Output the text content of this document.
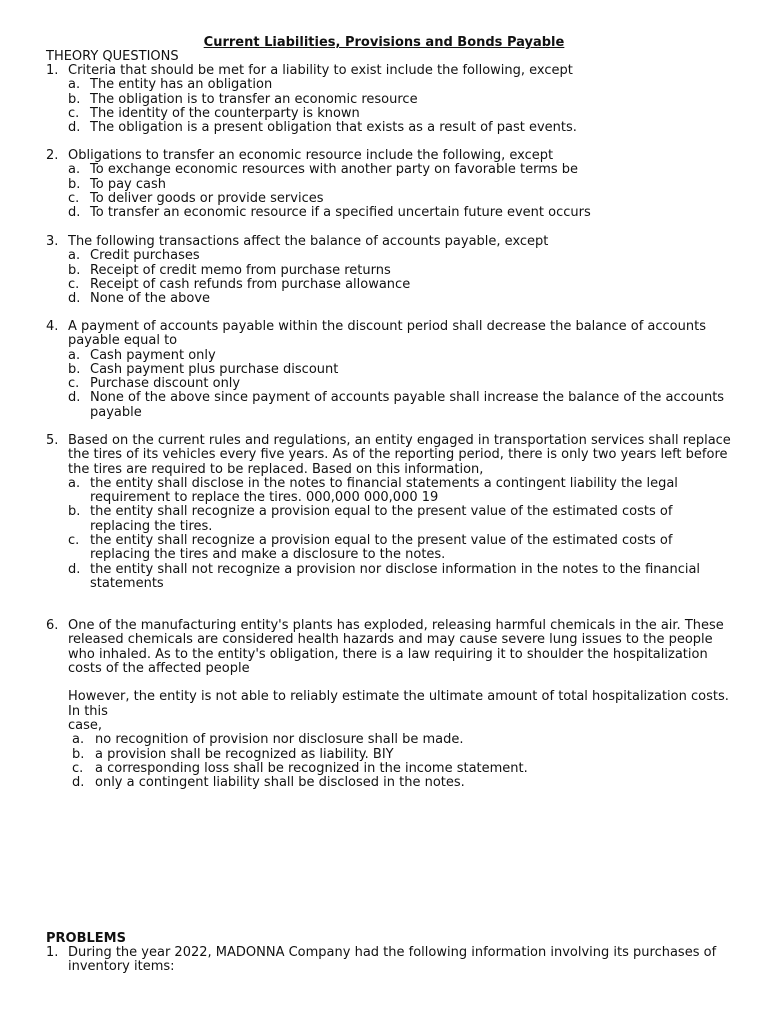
Current Liabilities, Provisions and Bonds Payable
THEORY QUESTIONS
1. Criteria that should be met for a liability to exist include the following, except
a. The entity has an obligation
b. The obligation is to transfer an economic resource
c. The identity of the counterparty is known
d. The obligation is a present obligation that exists as a result of past events.
2. Obligations to transfer an economic resource include the following, except
a. To exchange economic resources with another party on favorable terms be
b. To pay cash
c. To deliver goods or provide services
d. To transfer an economic resource if a specified uncertain future event occurs
3. The following transactions affect the balance of accounts payable, except
a. Credit purchases
b. Receipt of credit memo from purchase returns
c. Receipt of cash refunds from purchase allowance
d. None of the above
4. A payment of accounts payable within the discount period shall decrease the balance of accounts payable equal to
a. Cash payment only
b. Cash payment plus purchase discount
c. Purchase discount only
d. None of the above since payment of accounts payable shall increase the balance of the accounts payable
5. Based on the current rules and regulations, an entity engaged in transportation services shall replace the tires of its vehicles every five years. As of the reporting period, there is only two years left before the tires are required to be replaced. Based on this information,
a. the entity shall disclose in the notes to financial statements a contingent liability the legal requirement to replace the tires. 000,000 000,000 19
b. the entity shall recognize a provision equal to the present value of the estimated costs of replacing the tires.
c. the entity shall recognize a provision equal to the present value of the estimated costs of replacing the tires and make a disclosure to the notes.
d. the entity shall not recognize a provision nor disclose information in the notes to the financial statements
6. One of the manufacturing entity's plants has exploded, releasing harmful chemicals in the air. These released chemicals are considered health hazards and may cause severe lung issues to the people who inhaled. As to the entity's obligation, there is a law requiring it to shoulder the hospitalization costs of the affected people
However, the entity is not able to reliably estimate the ultimate amount of total hospitalization costs. In this
case,
a. no recognition of provision nor disclosure shall be made.
b. a provision shall be recognized as liability. BIY
c. a corresponding loss shall be recognized in the income statement.
d. only a contingent liability shall be disclosed in the notes.
PROBLEMS
1. During the year 2022, MADONNA Company had the following information involving its purchases of inventory items:
